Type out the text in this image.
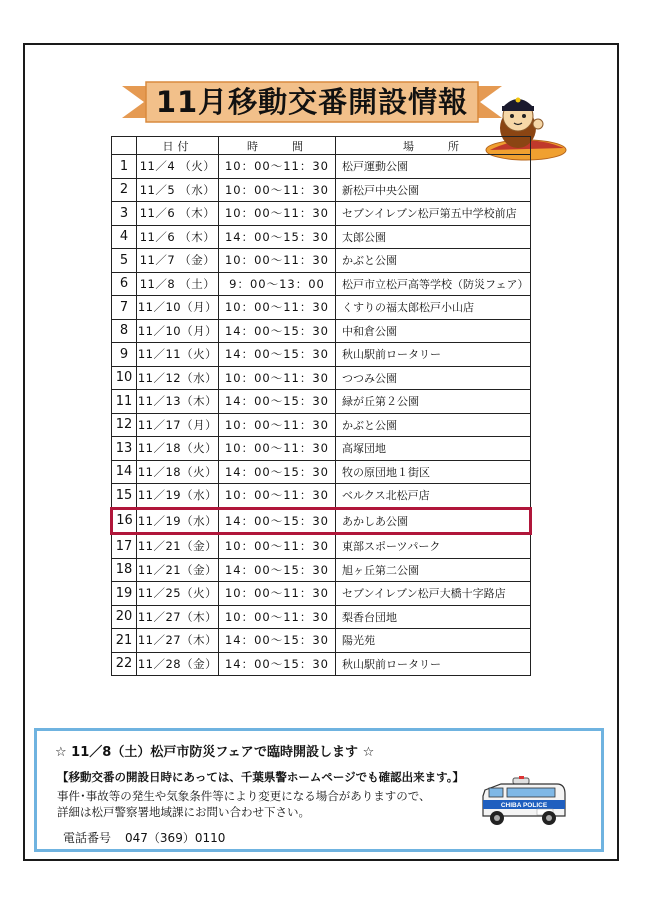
11月移動交番開設情報
	日付	時　　間	場　　所
1	11／4 （火）	10：00～11：30	松戸運動公園
2	11／5 （水）	10：00～11：30	新松戸中央公園
3	11／6 （木）	10：00～11：30	セブンイレブン松戸第五中学校前店
4	11／6 （木）	14：00～15：30	太郎公園
5	11／7 （金）	10：00～11：30	かぶと公園
6	11／8 （土）	9：00～13：00	松戸市立松戸高等学校（防災フェア）
7	11／10（月）	10：00～11：30	くすりの福太郎松戸小山店
8	11／10（月）	14：00～15：30	中和倉公園
9	11／11（火）	14：00～15：30	秋山駅前ロータリー
10	11／12（水）	10：00～11：30	つつみ公園
11	11／13（木）	14：00～15：30	緑が丘第２公園
12	11／17（月）	10：00～11：30	かぶと公園
13	11／18（火）	10：00～11：30	高塚団地
14	11／18（火）	14：00～15：30	牧の原団地１街区
15	11／19（水）	10：00～11：30	ベルクス北松戸店
16	11／19（水）	14：00～15：30	あかしあ公園
17	11／21（金）	10：00～11：30	東部スポーツパーク
18	11／21（金）	14：00～15：30	旭ヶ丘第二公園
19	11／25（火）	10：00～11：30	セブンイレブン松戸大橋十字路店
20	11／27（木）	10：00～11：30	梨香台団地
21	11／27（木）	14：00～15：30	陽光苑
22	11／28（金）	14：00～15：30	秋山駅前ロータリー
☆ 11／8（土）松戸市防災フェアで臨時開設します ☆
【移動交番の開設日時にあっては、千葉県警ホームページでも確認出来ます。】
事件･事故等の発生や気象条件等により変更になる場合がありますので、
詳細は松戸警察署地域課にお問い合わせ下さい。
電話番号 047（369）0110
CHIBA POLICE
